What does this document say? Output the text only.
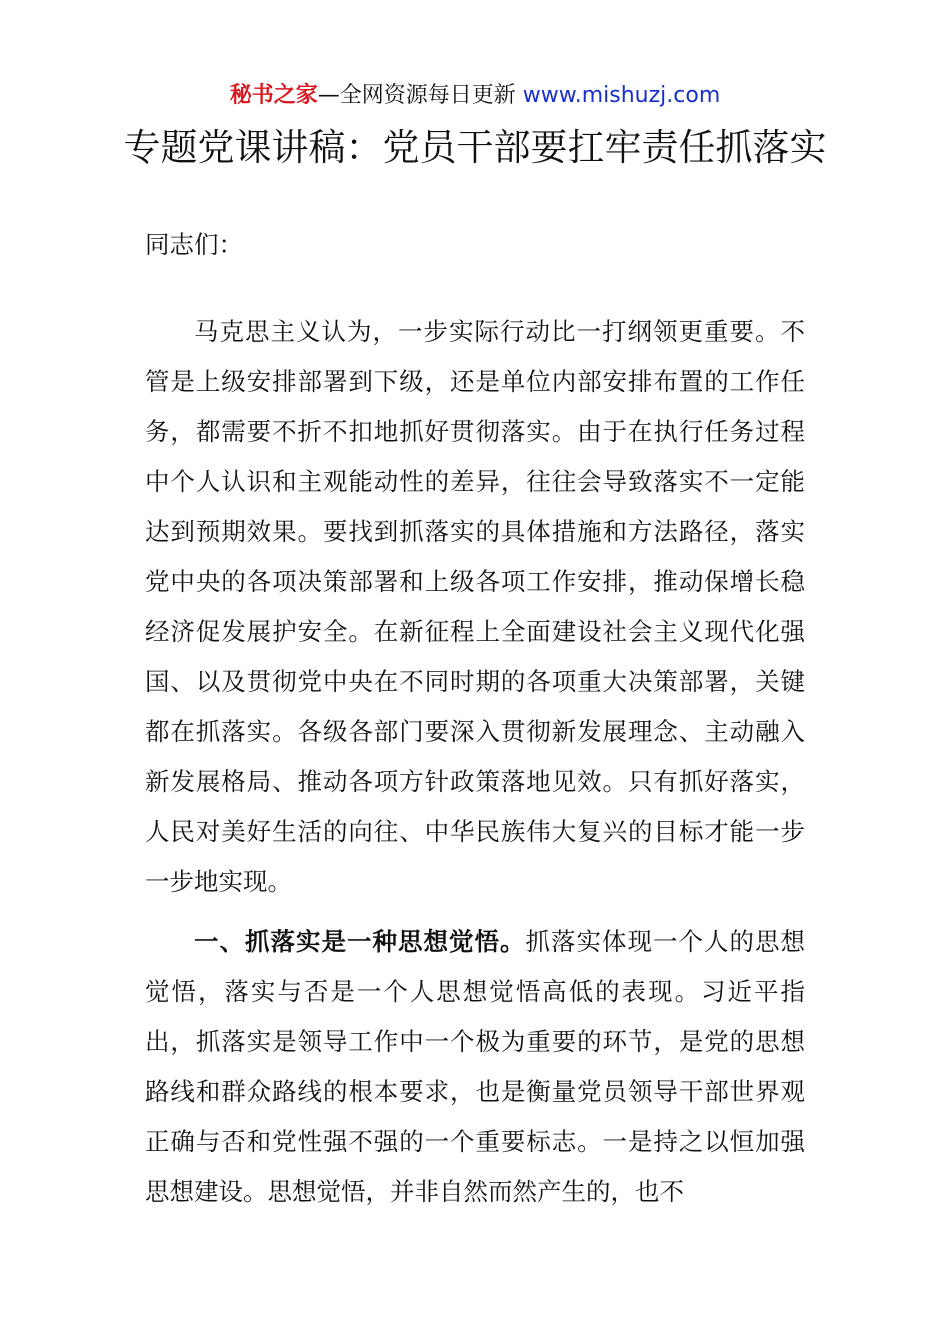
秘书之家—全网资源每日更新 www.mishuzj.com
专题党课讲稿：党员干部要扛牢责任抓落实

同志们：

马克思主义认为，一步实际行动比一打纲领更重要。不管是上级安排部署到下级，还是单位内部安排布置的工作任务，都需要不折不扣地抓好贯彻落实。由于在执行任务过程中个人认识和主观能动性的差异，往往会导致落实不一定能达到预期效果。要找到抓落实的具体措施和方法路径，落实党中央的各项决策部署和上级各项工作安排，推动保增长稳经济促发展护安全。在新征程上全面建设社会主义现代化强国、以及贯彻党中央在不同时期的各项重大决策部署，关键都在抓落实。各级各部门要深入贯彻新发展理念、主动融入新发展格局、推动各项方针政策落地见效。只有抓好落实，人民对美好生活的向往、中华民族伟大复兴的目标才能一步一步地实现。

一、抓落实是一种思想觉悟。抓落实体现一个人的思想觉悟，落实与否是一个人思想觉悟高低的表现。习近平指出，抓落实是领导工作中一个极为重要的环节，是党的思想路线和群众路线的根本要求，也是衡量党员领导干部世界观正确与否和党性强不强的一个重要标志。一是持之以恒加强思想建设。思想觉悟，并非自然而然产生的，也不
